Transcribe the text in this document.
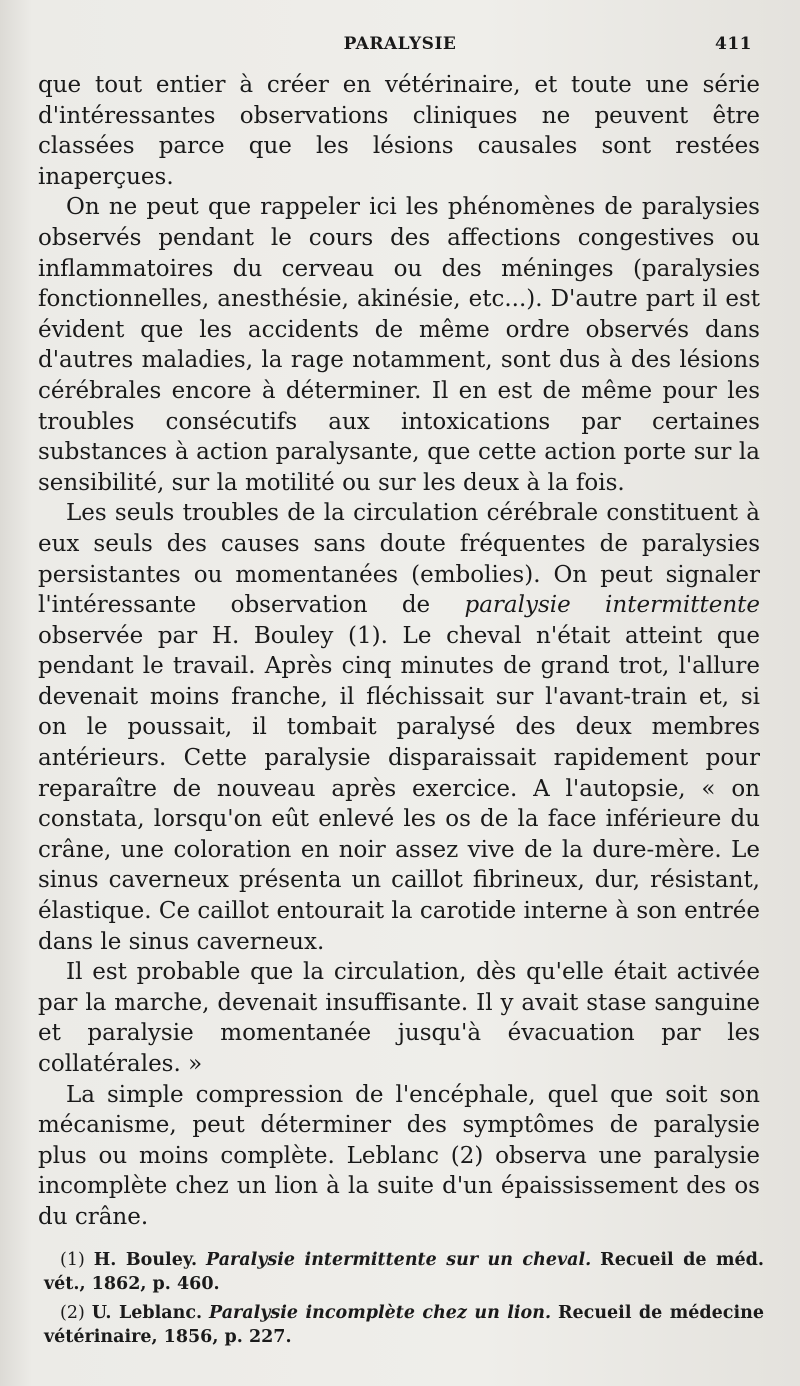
PARALYSIE	411

que tout entier à créer en vétérinaire, et toute une série d'intéressantes observations cliniques ne peuvent être classées parce que les lésions causales sont restées inaperçues.

On ne peut que rappeler ici les phénomènes de paralysies observés pendant le cours des affections congestives ou inflammatoires du cerveau ou des méninges (paralysies fonctionnelles, anesthésie, akinésie, etc...). D'autre part il est évident que les accidents de même ordre observés dans d'autres maladies, la rage notamment, sont dus à des lésions cérébrales encore à déterminer. Il en est de même pour les troubles consécutifs aux intoxications par certaines substances à action paralysante, que cette action porte sur la sensibilité, sur la motilité ou sur les deux à la fois.

Les seuls troubles de la circulation cérébrale constituent à eux seuls des causes sans doute fréquentes de paralysies persistantes ou momentanées (embolies). On peut signaler l'intéressante observation de paralysie intermittente observée par H. Bouley (1). Le cheval n'était atteint que pendant le travail. Après cinq minutes de grand trot, l'allure devenait moins franche, il fléchissait sur l'avant-train et, si on le poussait, il tombait paralysé des deux membres antérieurs. Cette paralysie disparaissait rapidement pour reparaître de nouveau après exercice. A l'autopsie, « on constata, lorsqu'on eût enlevé les os de la face inférieure du crâne, une coloration en noir assez vive de la dure-mère. Le sinus caverneux présenta un caillot fibrineux, dur, résistant, élastique. Ce caillot entourait la carotide interne à son entrée dans le sinus caverneux.

Il est probable que la circulation, dès qu'elle était activée par la marche, devenait insuffisante. Il y avait stase sanguine et paralysie momentanée jusqu'à évacuation par les collatérales. »

La simple compression de l'encéphale, quel que soit son mécanisme, peut déterminer des symptômes de paralysie plus ou moins complète. Leblanc (2) observa une paralysie incomplète chez un lion à la suite d'un épaississement des os du crâne.

(1) H. Bouley. Paralysie intermittente sur un cheval. Recueil de méd. vét., 1862, p. 460.

(2) U. Leblanc. Paralysie incomplète chez un lion. Recueil de médecine vétérinaire, 1856, p. 227.
